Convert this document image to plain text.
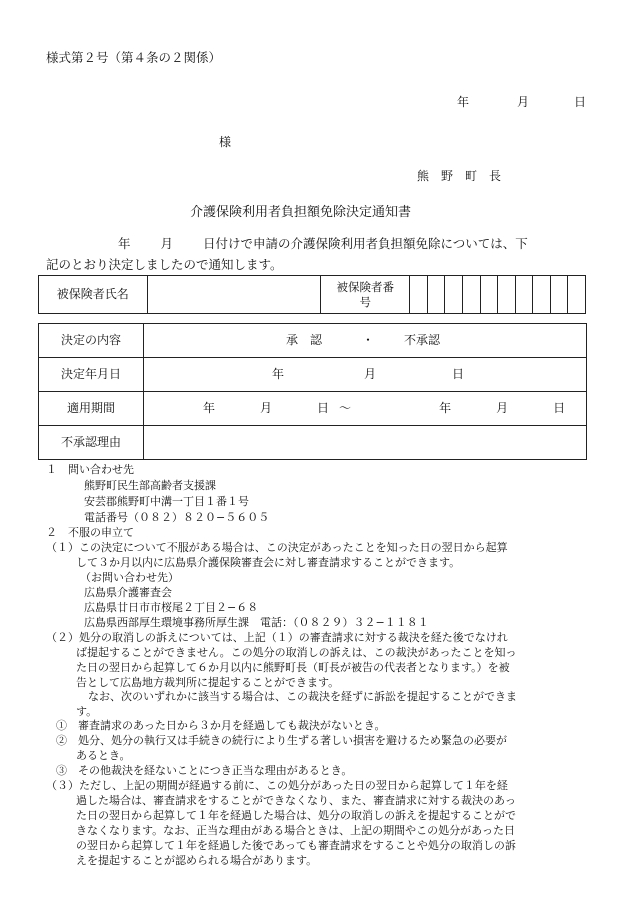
様式第２号（第４条の２関係）
年	月	日
様
熊　野　町　長
介護保険利用者負担額免除決定通知書
年 月 日付けで申請の介護保険利用者負担額免除については、下
記のとおり決定しましたので通知します。
被保険者氏名		被保険者番
号

決定の内容	承　認 ・ 不承認
決定年月日	年 月 日
適用期間	年 月 日 〜 年 月 日
不承認理由	
１　問い合わせ先
熊野町民生部高齢者支援課
安芸郡熊野町中溝一丁目１番１号
電話番号（０８２）８２０−５６０５
２　不服の申立て
（１）この決定について不服がある場合は、この決定があったことを知った日の翌日から起算
して３か月以内に広島県介護保険審査会に対し審査請求することができます。
（お問い合わせ先）
広島県介護審査会
広島県廿日市市桜尾２丁目２−６８
広島県西部厚生環境事務所厚生課　電話：（０８２９）３２−１１８１
（２）処分の取消しの訴えについては、上記（１）の審査請求に対する裁決を経た後でなけれ
ば提起することができません。この処分の取消しの訴えは、この裁決があったことを知っ
た日の翌日から起算して６か月以内に熊野町長（町長が被告の代表者となります。）を被
告として広島地方裁判所に提起することができます。
なお、次のいずれかに該当する場合は、この裁決を経ずに訴訟を提起することができま
す。
①　審査請求のあった日から３か月を経過しても裁決がないとき。
②　処分、処分の執行又は手続きの続行により生ずる著しい損害を避けるため緊急の必要が
あるとき。
③　その他裁決を経ないことにつき正当な理由があるとき。
（３）ただし、上記の期間が経過する前に、この処分があった日の翌日から起算して１年を経
過した場合は、審査請求をすることができなくなり、また、審査請求に対する裁決のあっ
た日の翌日から起算して１年を経過した場合は、処分の取消しの訴えを提起することがで
きなくなります。なお、正当な理由がある場合ときは、上記の期間やこの処分があった日
の翌日から起算して１年を経過した後であっても審査請求をすることや処分の取消しの訴
えを提起することが認められる場合があります。
